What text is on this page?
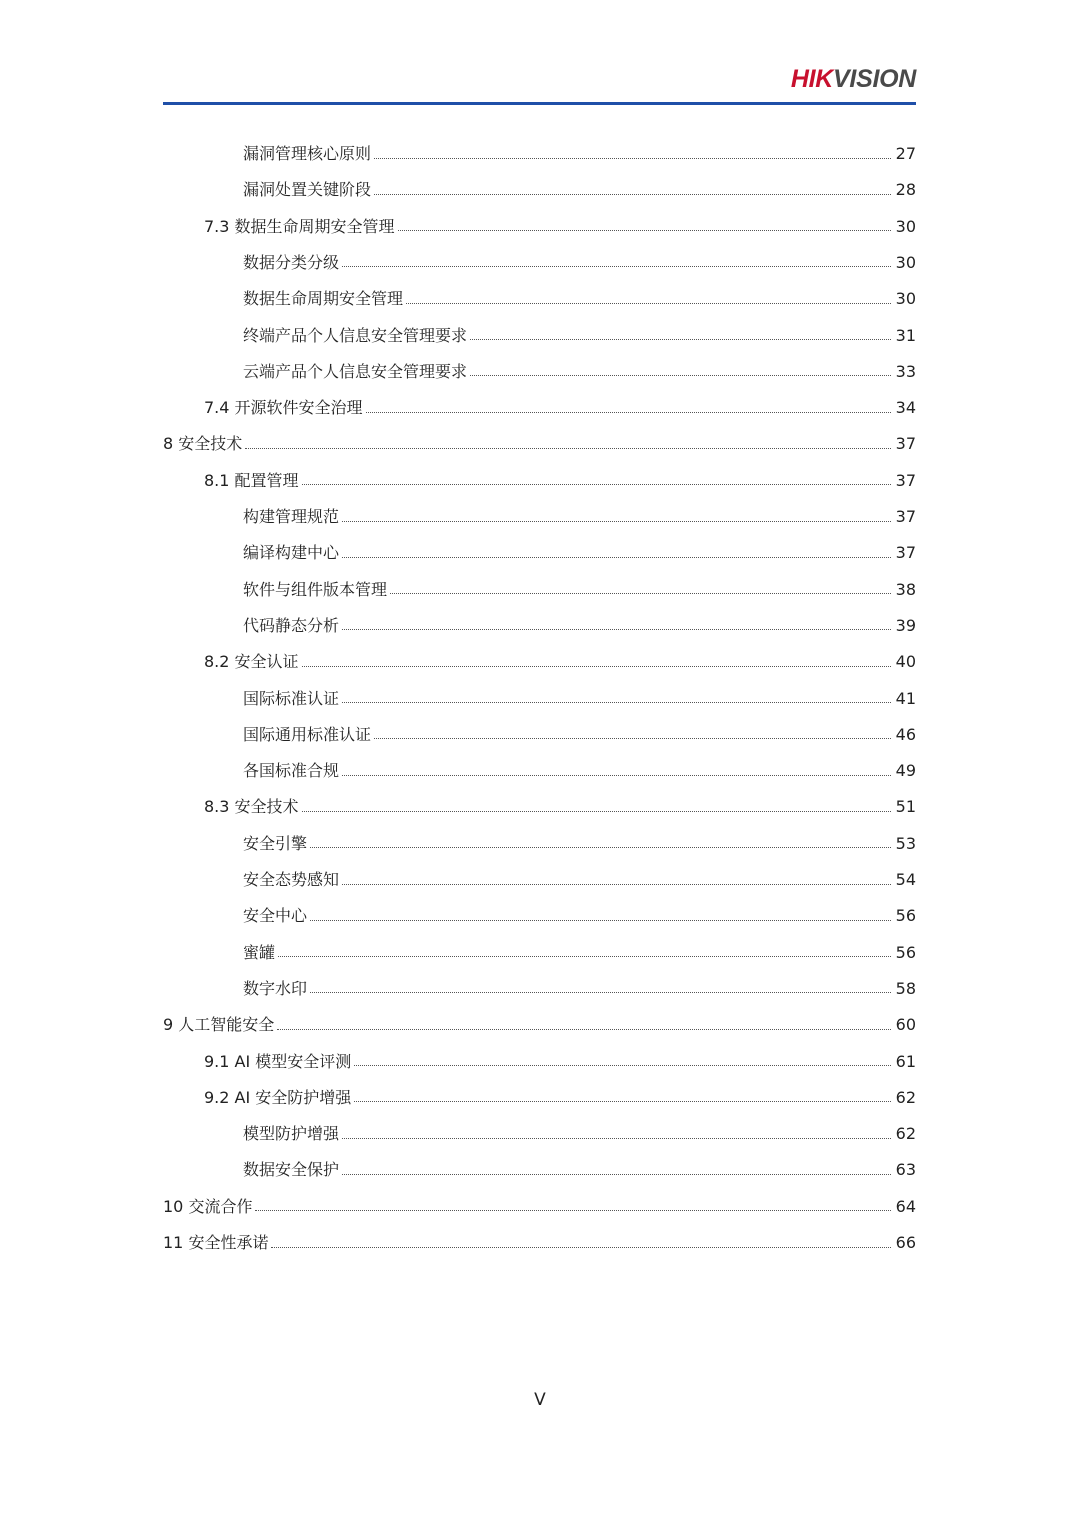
HIKVISION
漏洞管理核心原则	27
漏洞处置关键阶段	28
7.3 数据生命周期安全管理	30
数据分类分级	30
数据生命周期安全管理	30
终端产品个人信息安全管理要求	31
云端产品个人信息安全管理要求	33
7.4 开源软件安全治理	34
8 安全技术	37
8.1 配置管理	37
构建管理规范	37
编译构建中心	37
软件与组件版本管理	38
代码静态分析	39
8.2 安全认证	40
国际标准认证	41
国际通用标准认证	46
各国标准合规	49
8.3 安全技术	51
安全引擎	53
安全态势感知	54
安全中心	56
蜜罐	56
数字水印	58
9 人工智能安全	60
9.1 AI 模型安全评测	61
9.2 AI 安全防护增强	62
模型防护增强	62
数据安全保护	63
10 交流合作	64
11 安全性承诺	66
V
